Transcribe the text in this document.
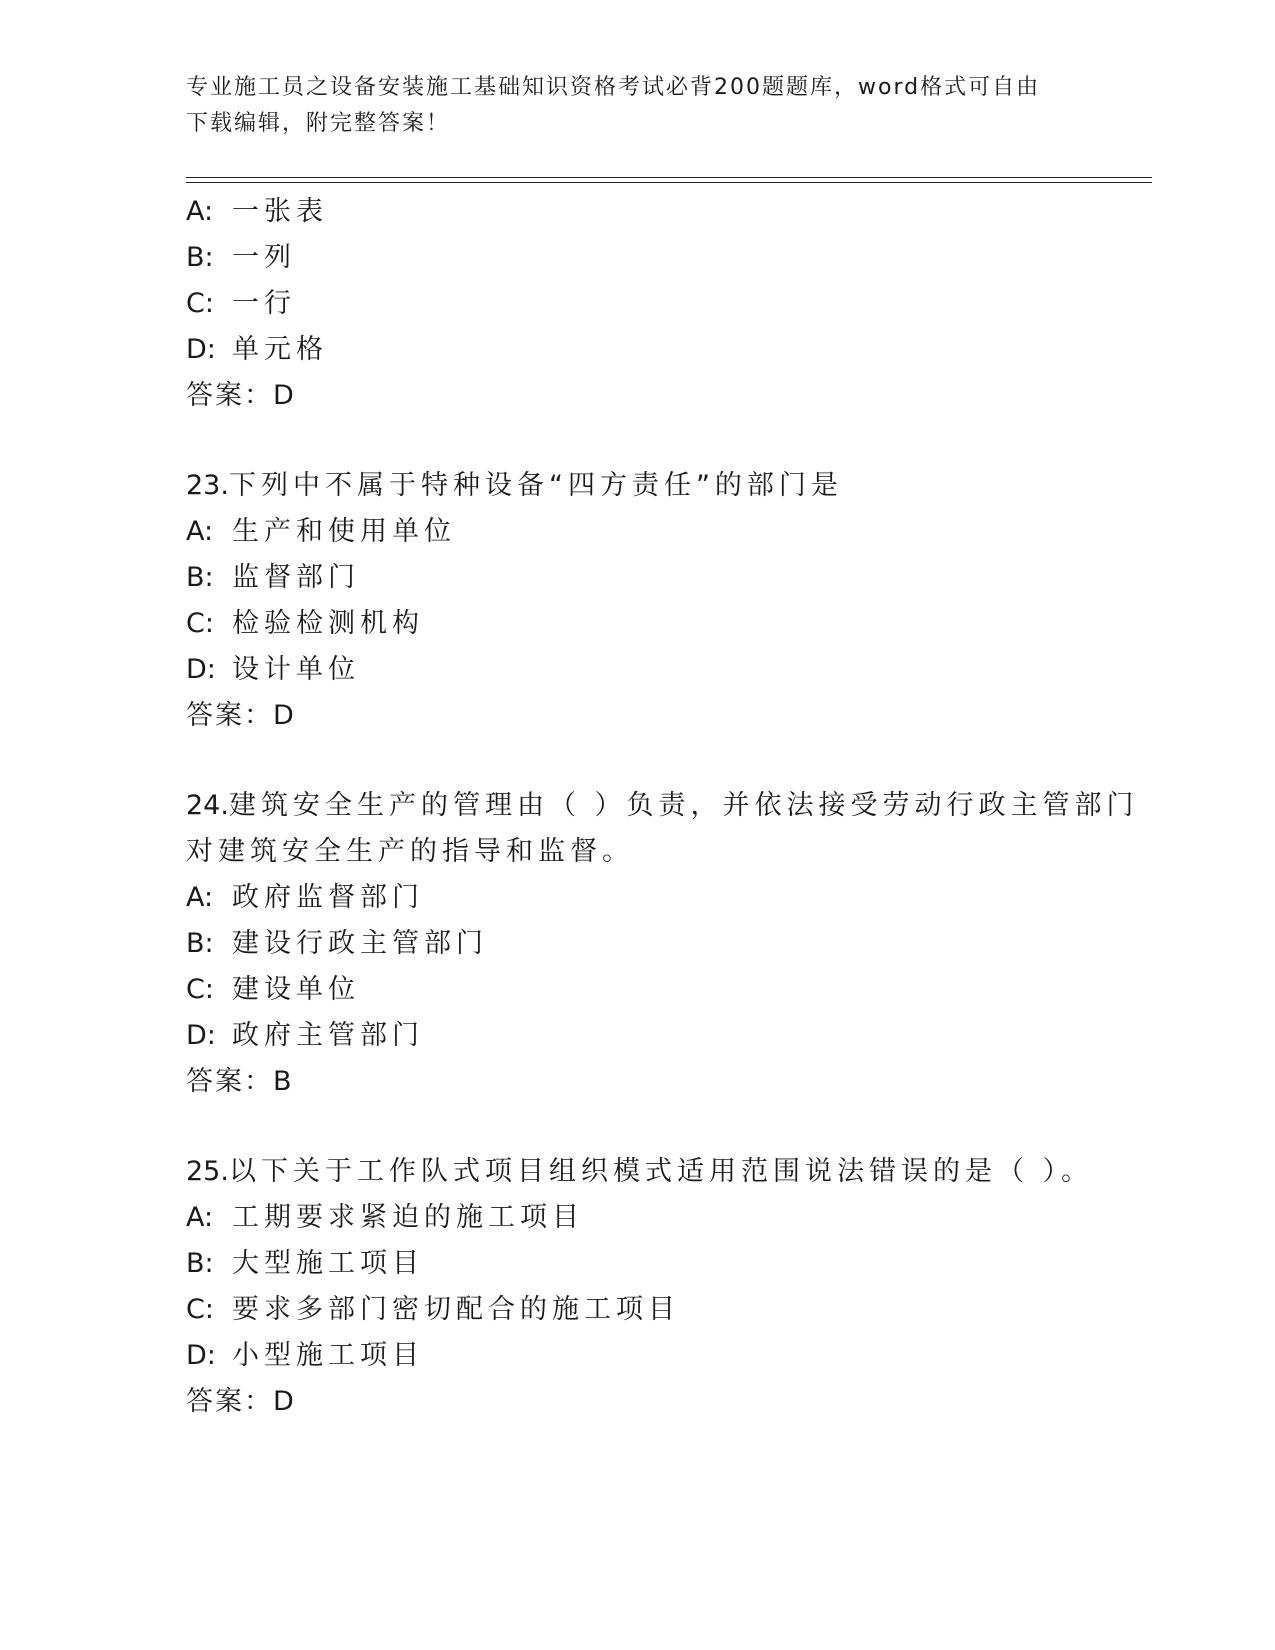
专业施工员之设备安装施工基础知识资格考试必背200题题库，word格式可自由
下载编辑，附完整答案！
A: 一张表
B: 一列
C: 一行
D: 单元格
答案：D
23.下列中不属于特种设备“四方责任”的部门是
A: 生产和使用单位
B: 监督部门
C: 检验检测机构
D: 设计单位
答案：D
24.建筑安全生产的管理由（ ）负责，并依法接受劳动行政主管部门
对建筑安全生产的指导和监督。
A: 政府监督部门
B: 建设行政主管部门
C: 建设单位
D: 政府主管部门
答案：B
25.以下关于工作队式项目组织模式适用范围说法错误的是（ ）。
A: 工期要求紧迫的施工项目
B: 大型施工项目
C: 要求多部门密切配合的施工项目
D: 小型施工项目
答案：D
